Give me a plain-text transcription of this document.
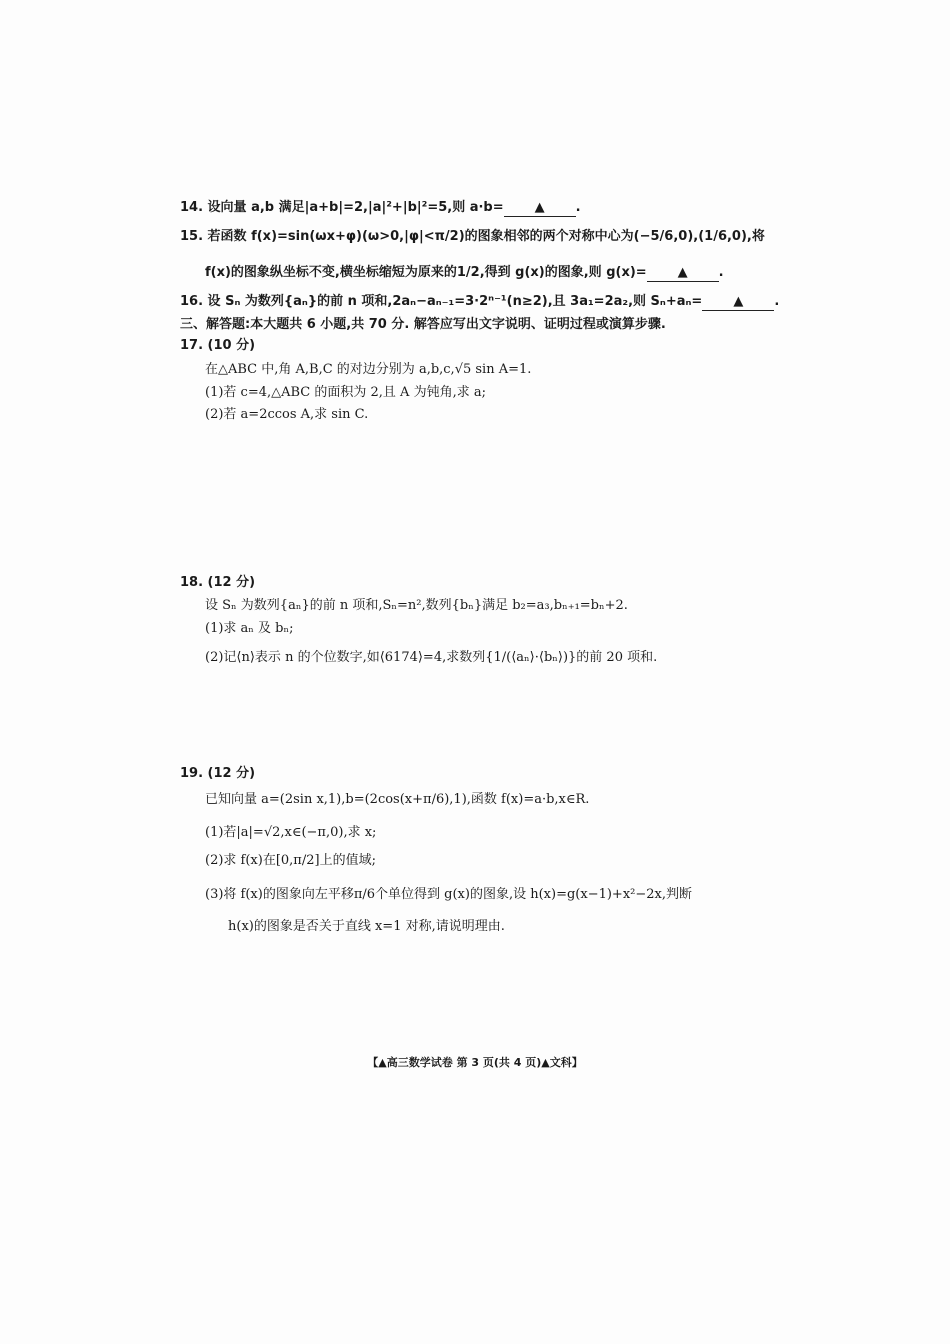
14. 设向量 a,b 满足|a+b|=2,|a|²+|b|²=5,则 a·b= ▲ .
15. 若函数 f(x)=sin(ωx+φ)(ω>0,|φ|<π/2)的图象相邻的两个对称中心为(−5/6,0),(1/6,0),将
f(x)的图象纵坐标不变,横坐标缩短为原来的1/2,得到 g(x)的图象,则 g(x)= ▲ .
16. 设 Sₙ 为数列{aₙ}的前 n 项和,2aₙ−aₙ₋₁=3·2ⁿ⁻¹(n≥2),且 3a₁=2a₂,则 Sₙ+aₙ= ▲ .
三、解答题:本大题共 6 小题,共 70 分. 解答应写出文字说明、证明过程或演算步骤.
17. (10 分)
在△ABC 中,角 A,B,C 的对边分别为 a,b,c,√5 sin A=1.
(1)若 c=4,△ABC 的面积为 2,且 A 为钝角,求 a;
(2)若 a=2ccos A,求 sin C.
18. (12 分)
设 Sₙ 为数列{aₙ}的前 n 项和,Sₙ=n²,数列{bₙ}满足 b₂=a₃,bₙ₊₁=bₙ+2.
(1)求 aₙ 及 bₙ;
(2)记⟨n⟩表示 n 的个位数字,如⟨6174⟩=4,求数列{1/(⟨aₙ⟩·⟨bₙ⟩)}的前 20 项和.
19. (12 分)
已知向量 a=(2sin x,1),b=(2cos(x+π/6),1),函数 f(x)=a·b,x∈R.
(1)若|a|=√2,x∈(−π,0),求 x;
(2)求 f(x)在[0,π/2]上的值域;
(3)将 f(x)的图象向左平移π/6个单位得到 g(x)的图象,设 h(x)=g(x−1)+x²−2x,判断
h(x)的图象是否关于直线 x=1 对称,请说明理由.
【▲高三数学试卷 第 3 页(共 4 页)▲文科】
